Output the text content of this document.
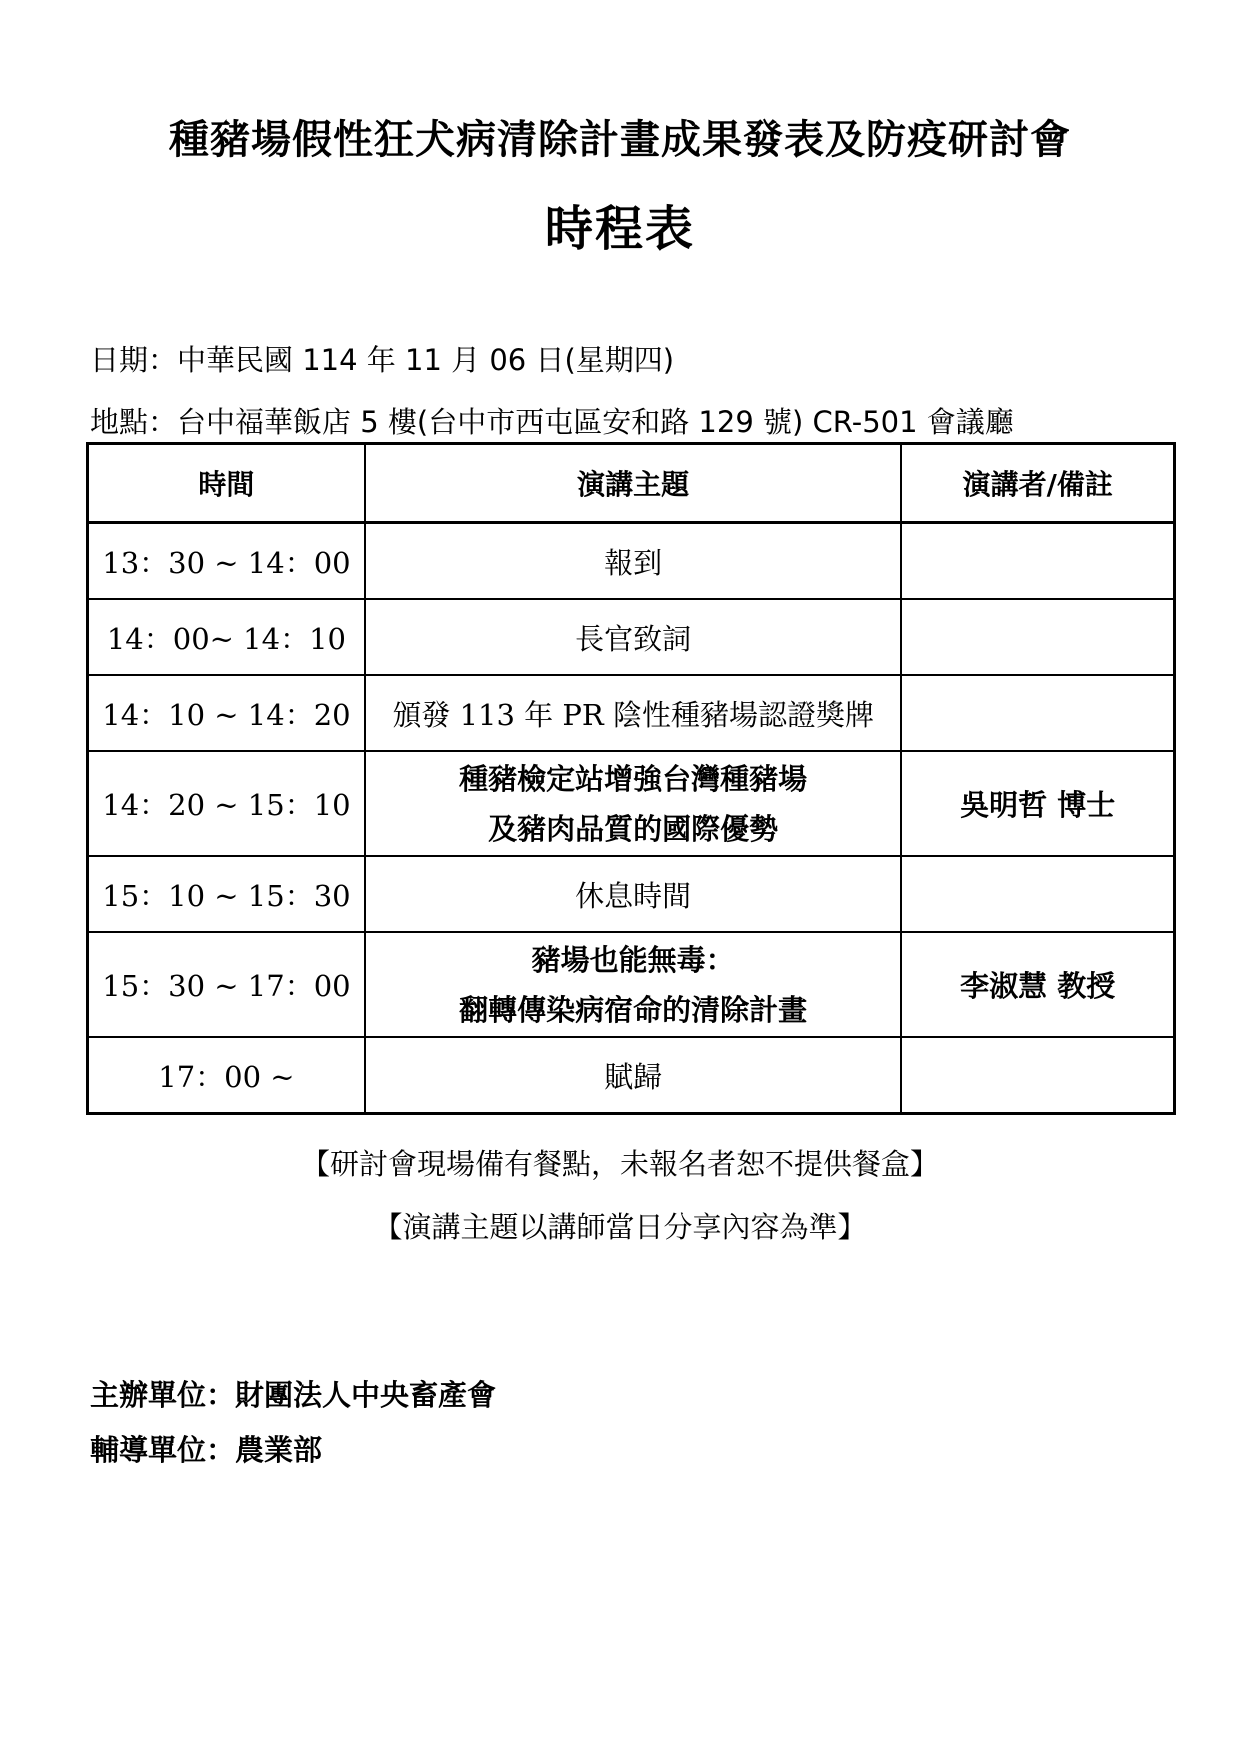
種豬場假性狂犬病清除計畫成果發表及防疫研討會
時程表
日期：中華民國 114 年 11 月 06 日(星期四)
地點：台中福華飯店 5 樓(台中市西屯區安和路 129 號) CR-501 會議廳
時間	演講主題	演講者/備註
13：30 ~ 14：00	報到	

14：00~ 14：10	長官致詞	

14：10 ~ 14：20	頒發 113 年 PR 陰性種豬場認證獎牌	

14：20 ~ 15：10	種豬檢定站增強台灣種豬場
及豬肉品質的國際優勢	吳明哲 博士
15：10 ~ 15：30	休息時間	

15：30 ~ 17：00	豬場也能無毒：
翻轉傳染病宿命的清除計畫	李淑慧 教授
17：00 ~	賦歸	

【研討會現場備有餐點，未報名者恕不提供餐盒】
【演講主題以講師當日分享內容為準】
主辦單位：財團法人中央畜產會
輔導單位：農業部
